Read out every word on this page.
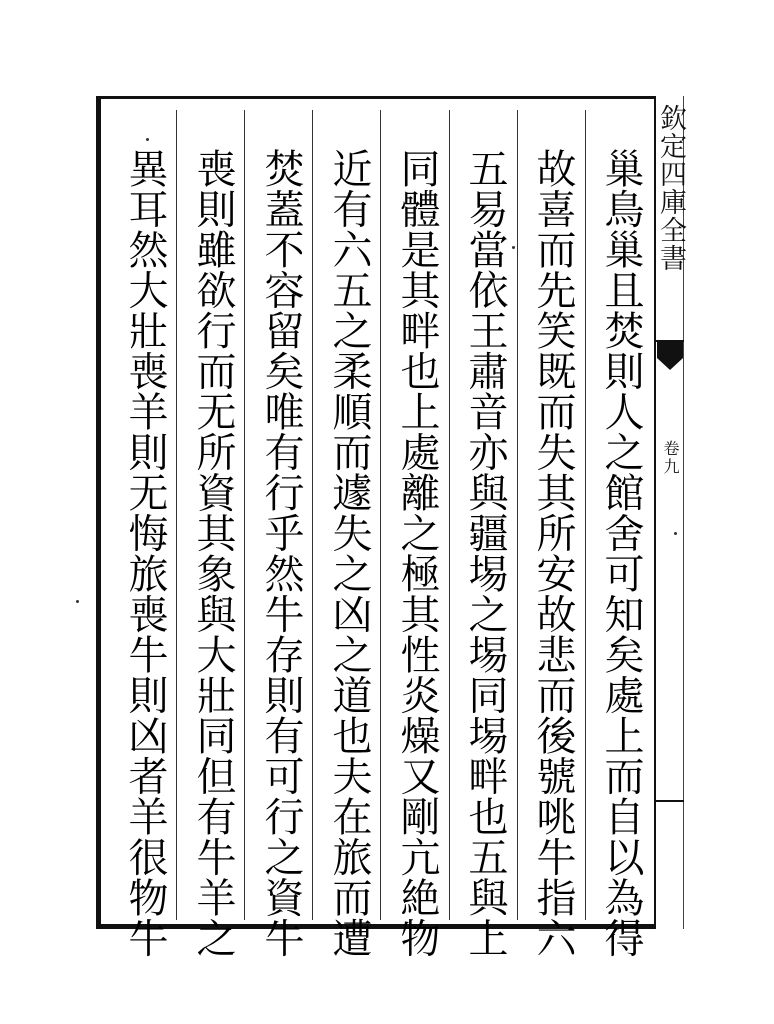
欽定四庫全書
卷九
巢鳥巢且焚則人之館舍可知矣處上而自以為得
故喜而先笑既而失其所安故悲而後號咷牛指六
五易當依王肅音亦與疆埸之埸同埸畔也五與上
同體是其畔也上處離之極其性炎燥又剛亢絶物
近有六五之柔順而遽失之凶之道也夫在旅而遭
焚蓋不容留矣唯有行乎然牛存則有可行之資牛
喪則雖欲行而无所資其象與大壯同但有牛羊之
異耳然大壯喪羊則无悔旅喪牛則凶者羊很物牛
